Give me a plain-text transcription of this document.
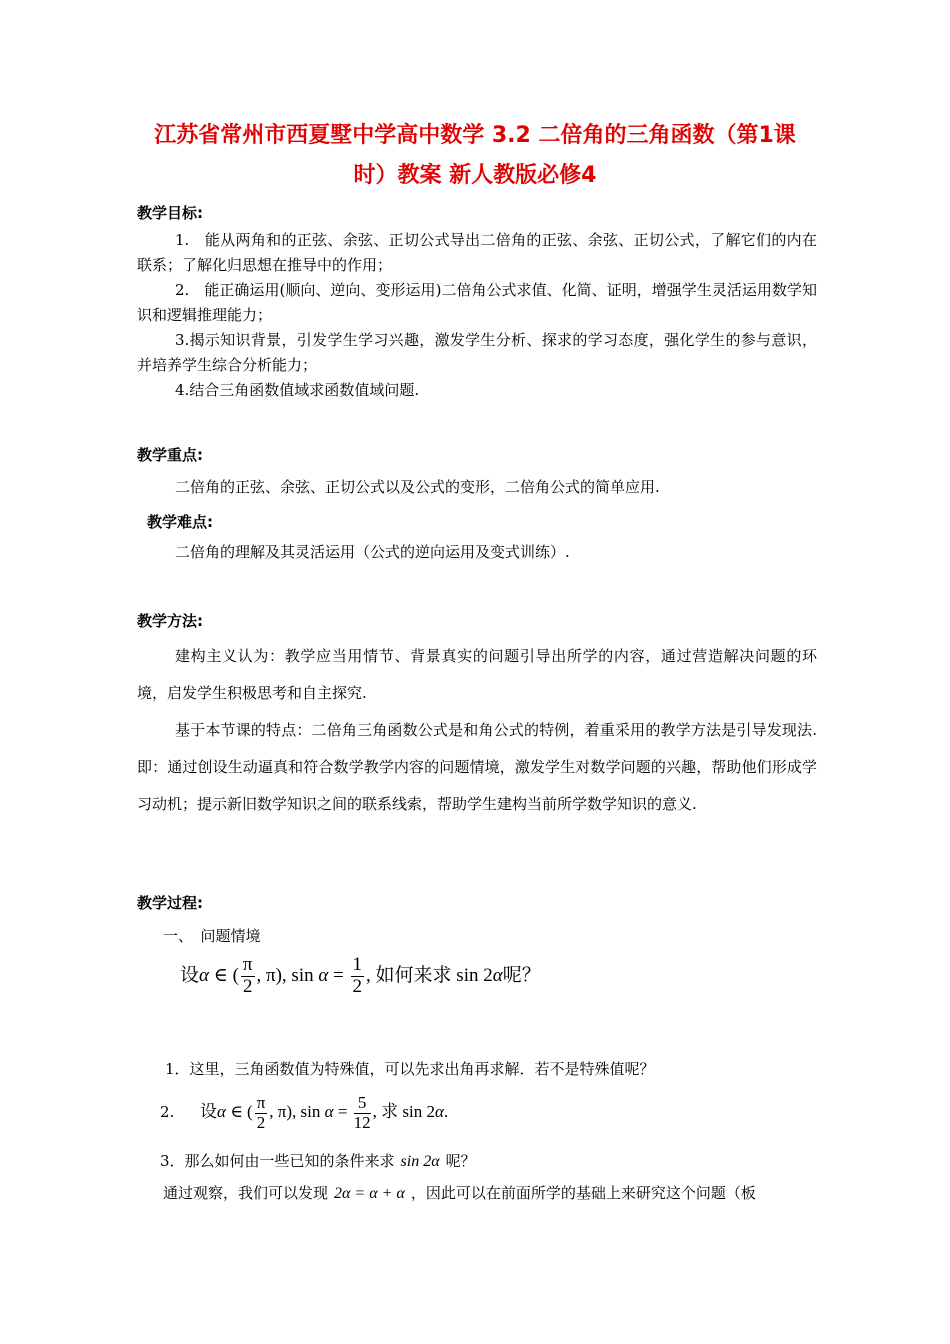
江苏省常州市西夏墅中学高中数学 3.2 二倍角的三角函数（第1课
时）教案 新人教版必修4
教学目标:
1.　能从两角和的正弦、余弦、正切公式导出二倍角的正弦、余弦、正切公式，了解它们的内在联系；了解化归思想在推导中的作用；
2.　能正确运用(顺向、逆向、变形运用)二倍角公式求值、化简、证明，增强学生灵活运用数学知识和逻辑推理能力；
3.揭示知识背景，引发学生学习兴趣，激发学生分析、探求的学习态度，强化学生的参与意识，并培养学生综合分析能力；
4.结合三角函数值域求函数值域问题.
教学重点:
二倍角的正弦、余弦、正切公式以及公式的变形，二倍角公式的简单应用.
教学难点:
二倍角的理解及其灵活运用（公式的逆向运用及变式训练）.
教学方法:
建构主义认为：教学应当用情节、背景真实的问题引导出所学的内容，通过营造解决问题的环境，启发学生积极思考和自主探究.
基于本节课的特点：二倍角三角函数公式是和角公式的特例，着重采用的教学方法是引导发现法.即：通过创设生动逼真和符合数学教学内容的问题情境，激发学生对数学问题的兴趣，帮助他们形成学习动机；提示新旧数学知识之间的联系线索，帮助学生建构当前所学数学知识的意义.
教学过程:
一、　问题情境
设α ∈ ( $\frac{\pi}{2}$ , π), $\sin \alpha = \frac{1}{2}$ , 如何来求 sin 2α呢？
1．这里，三角函数值为特殊值，可以先求出角再求解．若不是特殊值呢？
2. 设α ∈ ( $\frac{\pi}{2}$ , π), $\sin \alpha = \frac{5}{12}$ , 求 sin 2α.
3．那么如何由一些已知的条件来求 sin 2α 呢？
通过观察，我们可以发现 2α = α + α ，因此可以在前面所学的基础上来研究这个问题（板
